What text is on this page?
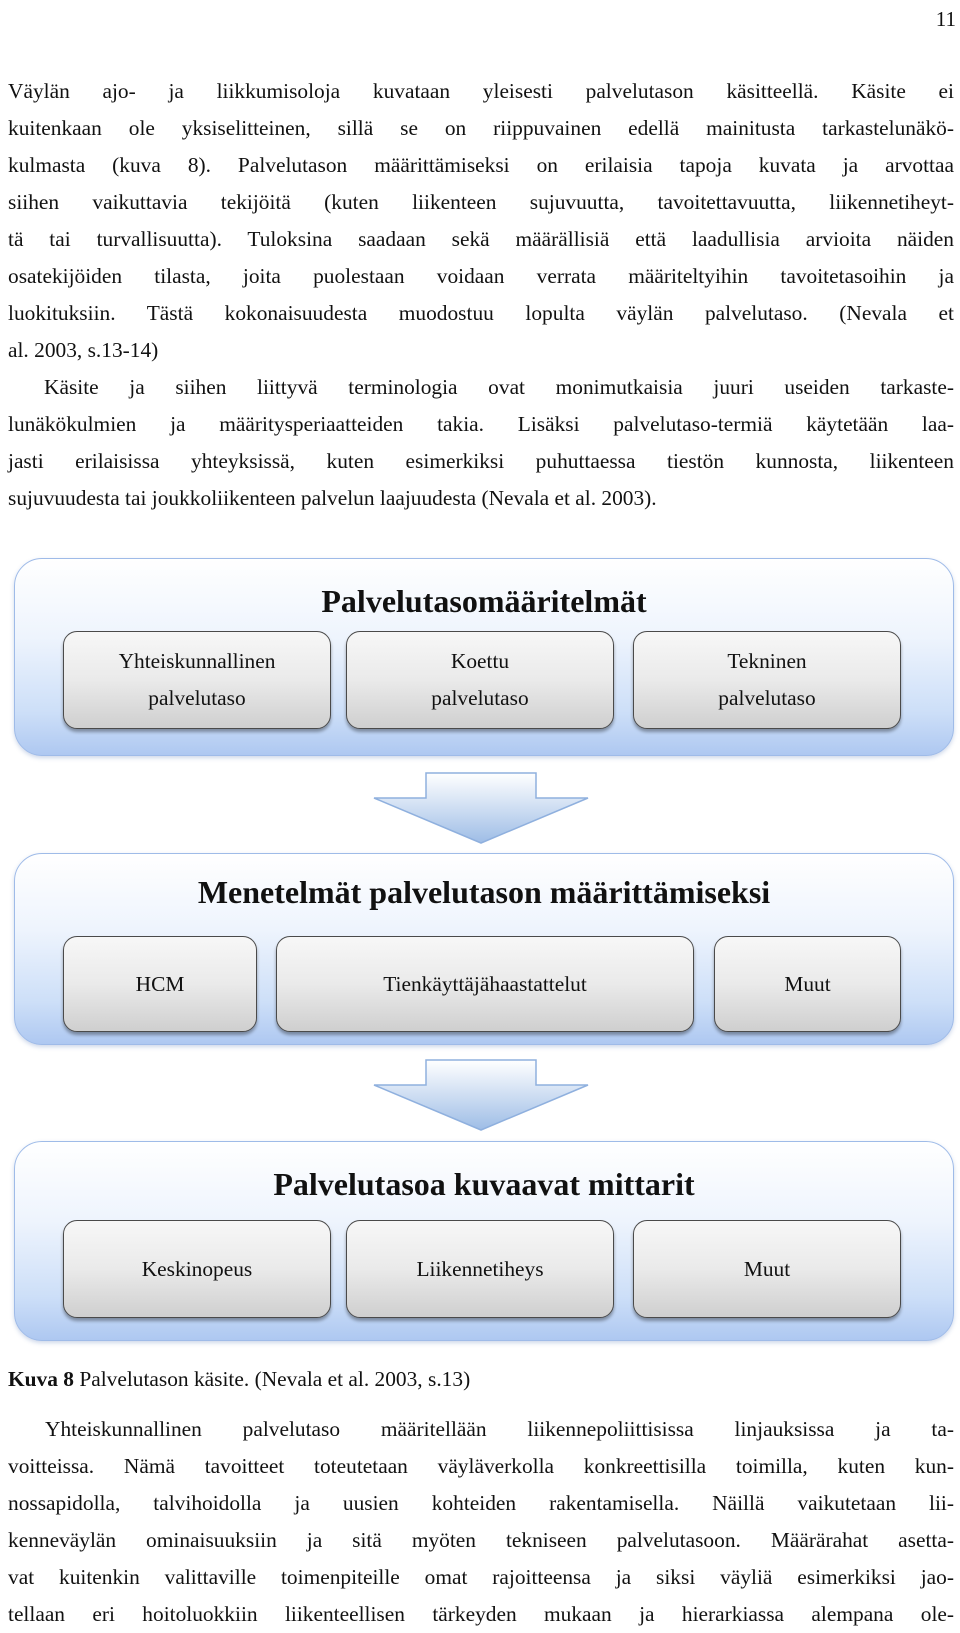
11
Väylän ajo- ja liikkumisoloja kuvataan yleisesti palvelutason käsitteellä. Käsite ei
kuitenkaan ole yksiselitteinen, sillä se on riippuvainen edellä mainitusta tarkastelunäkö-
kulmasta (kuva 8). Palvelutason määrittämiseksi on erilaisia tapoja kuvata ja arvottaa
siihen vaikuttavia tekijöitä (kuten liikenteen sujuvuutta, tavoitettavuutta, liikennetiheyt-
tä tai turvallisuutta). Tuloksina saadaan sekä määrällisiä että laadullisia arvioita näiden
osatekijöiden tilasta, joita puolestaan voidaan verrata määriteltyihin tavoitetasoihin ja
luokituksiin. Tästä kokonaisuudesta muodostuu lopulta väylän palvelutaso. (Nevala et
al. 2003, s.13-14)
Käsite ja siihen liittyvä terminologia ovat monimutkaisia juuri useiden tarkaste-
lunäkökulmien ja määritysperiaatteiden takia. Lisäksi palvelutaso-termiä käytetään laa-
jasti erilaisissa yhteyksissä, kuten esimerkiksi puhuttaessa tiestön kunnosta, liikenteen
sujuvuudesta tai joukkoliikenteen palvelun laajuudesta (Nevala et al. 2003).
Palvelutasomääritelmät
Yhteiskunnallinen
palvelutaso
Koettu
palvelutaso
Tekninen
palvelutaso
Menetelmät palvelutason määrittämiseksi
HCM	Tienkäyttäjähaastattelut	Muut
Palvelutasoa kuvaavat mittarit
Keskinopeus	Liikennetiheys	Muut

Kuva 8 Palvelutason käsite. (Nevala et al. 2003, s.13)

Yhteiskunnallinen palvelutaso määritellään liikennepoliittisissa linjauksissa ja ta-
voitteissa. Nämä tavoitteet toteutetaan väyläverkolla konkreettisilla toimilla, kuten kun-
nossapidolla, talvihoidolla ja uusien kohteiden rakentamisella. Näillä vaikutetaan lii-
kenneväylän ominaisuuksiin ja sitä myöten tekniseen palvelutasoon. Määrärahat asetta-
vat kuitenkin valittaville toimenpiteille omat rajoitteensa ja siksi väyliä esimerkiksi jao-
tellaan eri hoitoluokkiin liikenteellisen tärkeyden mukaan ja hierarkiassa alempana ole-
